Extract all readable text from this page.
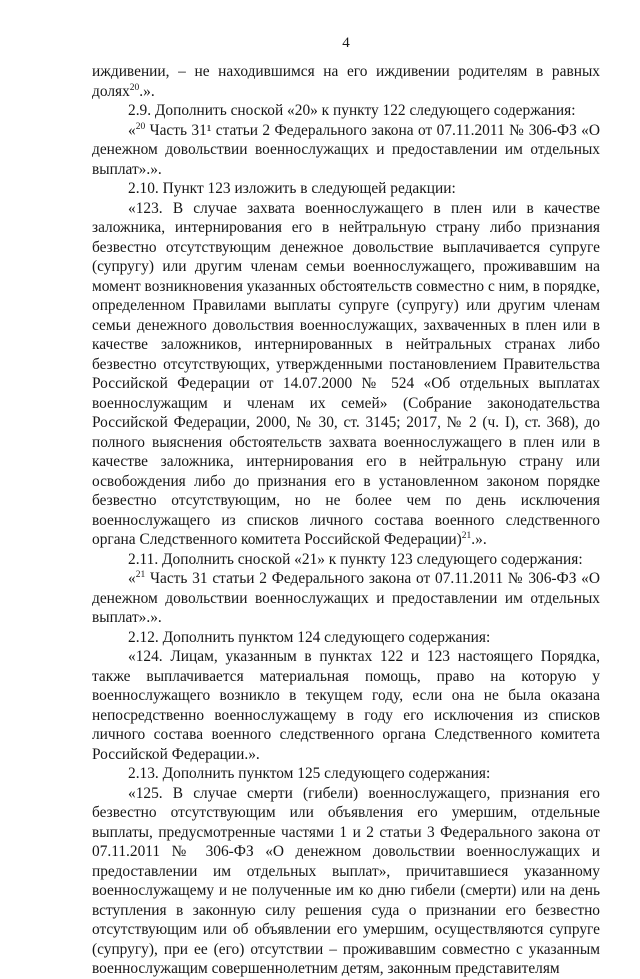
4

иждивении, – не находившимся на его иждивении родителям в равных долях$^{20}$.».

2.9. Дополнить сноской «20» к пункту 122 следующего содержания:

«$^{20}$ Часть 31¹ статьи 2 Федерального закона от 07.11.2011 № 306-ФЗ «О денежном довольствии военнослужащих и предоставлении им отдельных выплат».».

2.10. Пункт 123 изложить в следующей редакции:

«123. В случае захвата военнослужащего в плен или в качестве заложника, интернирования его в нейтральную страну либо признания безвестно отсутствующим денежное довольствие выплачивается супруге (супругу) или другим членам семьи военнослужащего, проживавшим на момент возникновения указанных обстоятельств совместно с ним, в порядке, определенном Правилами выплаты супруге (супругу) или другим членам семьи денежного довольствия военнослужащих, захваченных в плен или в качестве заложников, интернированных в нейтральных странах либо безвестно отсутствующих, утвержденными постановлением Правительства Российской Федерации от 14.07.2000 № 524 «Об отдельных выплатах военнослужащим и членам их семей» (Собрание законодательства Российской Федерации, 2000, № 30, ст. 3145; 2017, № 2 (ч. I), ст. 368), до полного выяснения обстоятельств захвата военнослужащего в плен или в качестве заложника, интернирования его в нейтральную страну или освобождения либо до признания его в установленном законом порядке безвестно отсутствующим, но не более чем по день исключения военнослужащего из списков личного состава военного следственного органа Следственного комитета Российской Федерации)$^{21}$.».

2.11. Дополнить сноской «21» к пункту 123 следующего содержания:

«$^{21}$ Часть 31 статьи 2 Федерального закона от 07.11.2011 № 306-ФЗ «О денежном довольствии военнослужащих и предоставлении им отдельных выплат».».

2.12. Дополнить пунктом 124 следующего содержания:

«124. Лицам, указанным в пунктах 122 и 123 настоящего Порядка, также выплачивается материальная помощь, право на которую у военнослужащего возникло в текущем году, если она не была оказана непосредственно военнослужащему в году его исключения из списков личного состава военного следственного органа Следственного комитета Российской Федерации.».

2.13. Дополнить пунктом 125 следующего содержания:

«125. В случае смерти (гибели) военнослужащего, признания его безвестно отсутствующим или объявления его умершим, отдельные выплаты, предусмотренные частями 1 и 2 статьи 3 Федерального закона от 07.11.2011 № 306-ФЗ «О денежном довольствии военнослужащих и предоставлении им отдельных выплат», причитавшиеся указанному военнослужащему и не полученные им ко дню гибели (смерти) или на день вступления в законную силу решения суда о признании его безвестно отсутствующим или об объявлении его умершим, осуществляются супруге (супругу), при ее (его) отсутствии – проживавшим совместно с указанным военнослужащим совершеннолетним детям, законным представителям
